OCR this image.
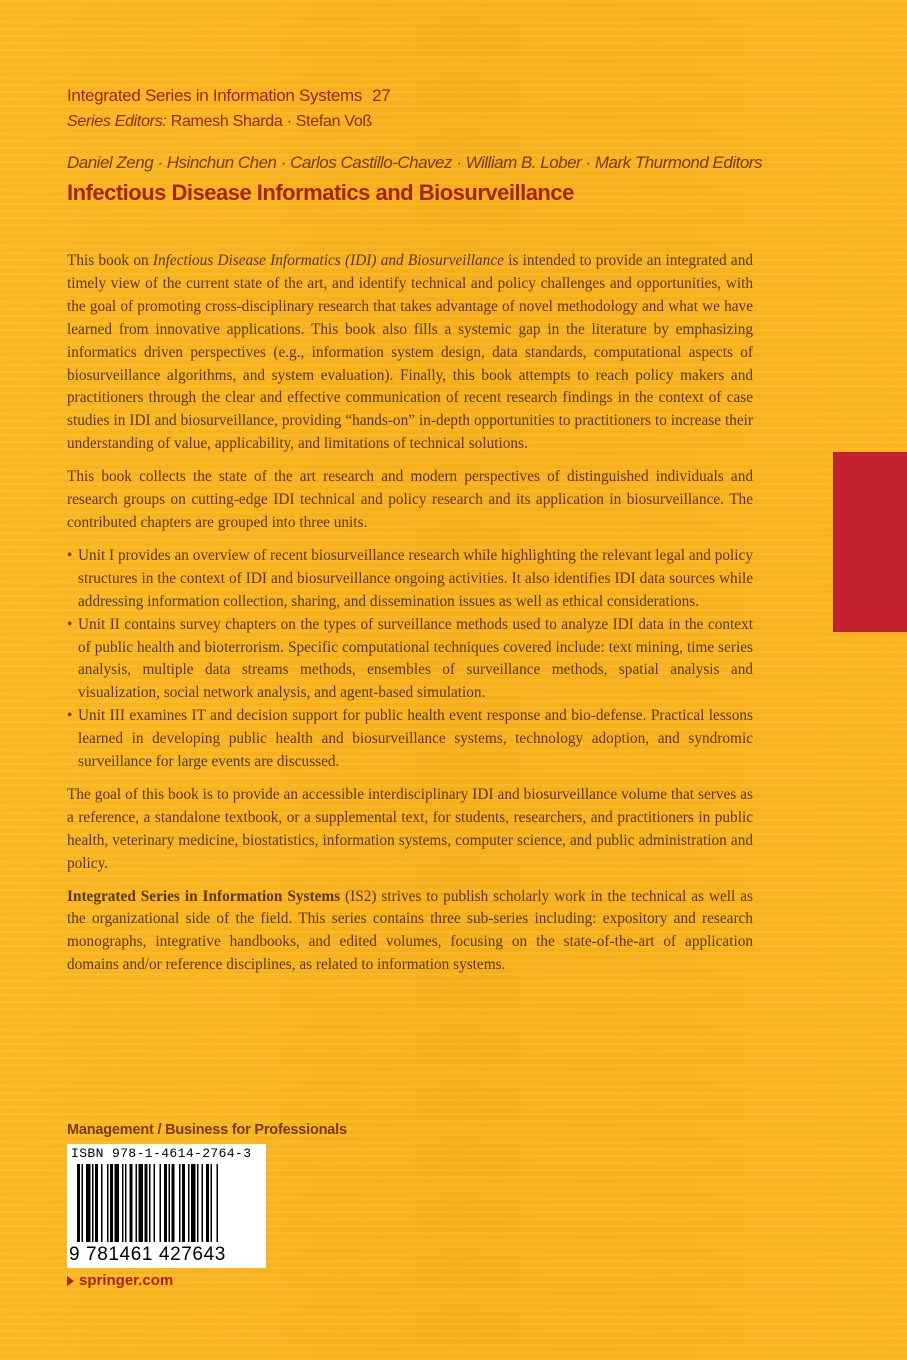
Integrated Series in Information Systems 27
Series Editors: Ramesh Sharda · Stefan Voß
Daniel Zeng · Hsinchun Chen · Carlos Castillo-Chavez · William B. Lober · Mark Thurmond Editors
Infectious Disease Informatics and Biosurveillance

This book on Infectious Disease Informatics (IDI) and Biosurveillance is intended to provide an integrated and timely view of the current state of the art, and identify technical and policy challenges and opportunities, with the goal of promoting cross-disciplinary research that takes advantage of novel methodology and what we have learned from innovative applications. This book also fills a systemic gap in the literature by emphasizing informatics driven perspectives (e.g., information system design, data standards, computational aspects of biosurveillance algorithms, and system evaluation). Finally, this book attempts to reach policy makers and practitioners through the clear and effective communication of recent research findings in the context of case studies in IDI and biosurveillance, providing “hands-on” in-depth opportunities to practitioners to increase their understanding of value, applicability, and limitations of technical solutions.

This book collects the state of the art research and modern perspectives of distinguished individuals and research groups on cutting-edge IDI technical and policy research and its application in biosurveillance. The contributed chapters are grouped into three units.

• Unit I provides an overview of recent biosurveillance research while highlighting the relevant legal and policy structures in the context of IDI and biosurveillance ongoing activities. It also identifies IDI data sources while addressing information collection, sharing, and dissemination issues as well as ethical considerations.
• Unit II contains survey chapters on the types of surveillance methods used to analyze IDI data in the context of public health and bioterrorism. Specific computational techniques covered include: text mining, time series analysis, multiple data streams methods, ensembles of surveillance methods, spatial analysis and visualization, social network analysis, and agent-based simulation.
• Unit III examines IT and decision support for public health event response and bio-defense. Practical lessons learned in developing public health and biosurveillance systems, technology adoption, and syndromic surveillance for large events are discussed.

The goal of this book is to provide an accessible interdisciplinary IDI and biosurveillance volume that serves as a reference, a standalone textbook, or a supplemental text, for students, researchers, and practitioners in public health, veterinary medicine, biostatistics, information systems, computer science, and public administration and policy.

Integrated Series in Information Systems (IS2) strives to publish scholarly work in the technical as well as the organizational side of the field. This series contains three sub-series including: expository and research monographs, integrative handbooks, and edited volumes, focusing on the state-of-the-art of application domains and/or reference disciplines, as related to information systems.

Management / Business for Professionals
ISBN 978-1-4614-2764-3
9 781461 427643
springer.com
